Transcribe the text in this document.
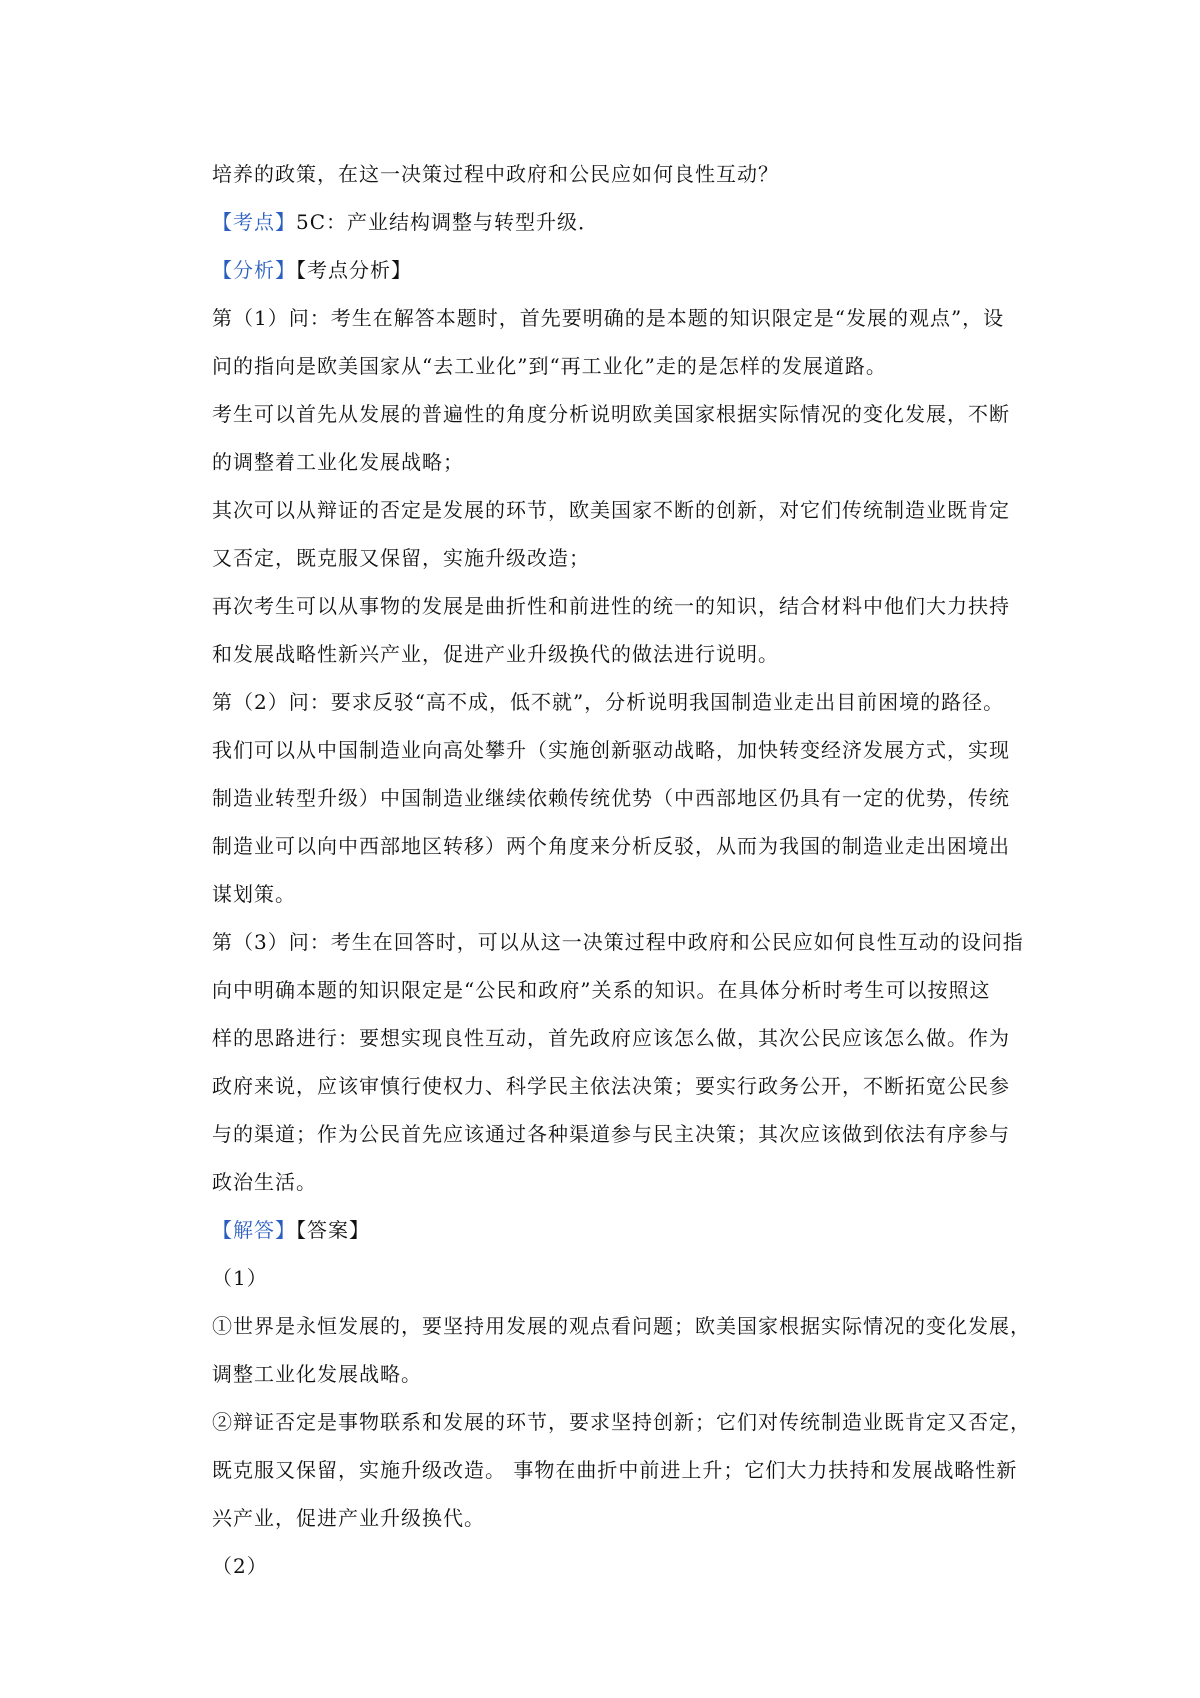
培养的政策，在这一决策过程中政府和公民应如何良性互动？
【考点】5C：产业结构调整与转型升级．
【分析】【考点分析】
第（1）问：考生在解答本题时，首先要明确的是本题的知识限定是“发展的观点”，设
问的指向是欧美国家从“去工业化”到“再工业化”走的是怎样的发展道路。
考生可以首先从发展的普遍性的角度分析说明欧美国家根据实际情况的变化发展，不断
的调整着工业化发展战略；
其次可以从辩证的否定是发展的环节，欧美国家不断的创新，对它们传统制造业既肯定
又否定，既克服又保留，实施升级改造；
再次考生可以从事物的发展是曲折性和前进性的统一的知识，结合材料中他们大力扶持
和发展战略性新兴产业，促进产业升级换代的做法进行说明。
第（2）问：要求反驳“高不成，低不就”，分析说明我国制造业走出目前困境的路径。
我们可以从中国制造业向高处攀升（实施创新驱动战略，加快转变经济发展方式，实现
制造业转型升级）中国制造业继续依赖传统优势（中西部地区仍具有一定的优势，传统
制造业可以向中西部地区转移）两个角度来分析反驳，从而为我国的制造业走出困境出
谋划策。
第（3）问：考生在回答时，可以从这一决策过程中政府和公民应如何良性互动的设问指
向中明确本题的知识限定是“公民和政府”关系的知识。在具体分析时考生可以按照这
样的思路进行：要想实现良性互动，首先政府应该怎么做，其次公民应该怎么做。作为
政府来说，应该审慎行使权力、科学民主依法决策；要实行政务公开，不断拓宽公民参
与的渠道；作为公民首先应该通过各种渠道参与民主决策；其次应该做到依法有序参与
政治生活。
【解答】【答案】
（1）
①世界是永恒发展的，要坚持用发展的观点看问题；欧美国家根据实际情况的变化发展，
调整工业化发展战略。
②辩证否定是事物联系和发展的环节，要求坚持创新；它们对传统制造业既肯定又否定，
既克服又保留，实施升级改造。 事物在曲折中前进上升；它们大力扶持和发展战略性新
兴产业，促进产业升级换代。
（2）
